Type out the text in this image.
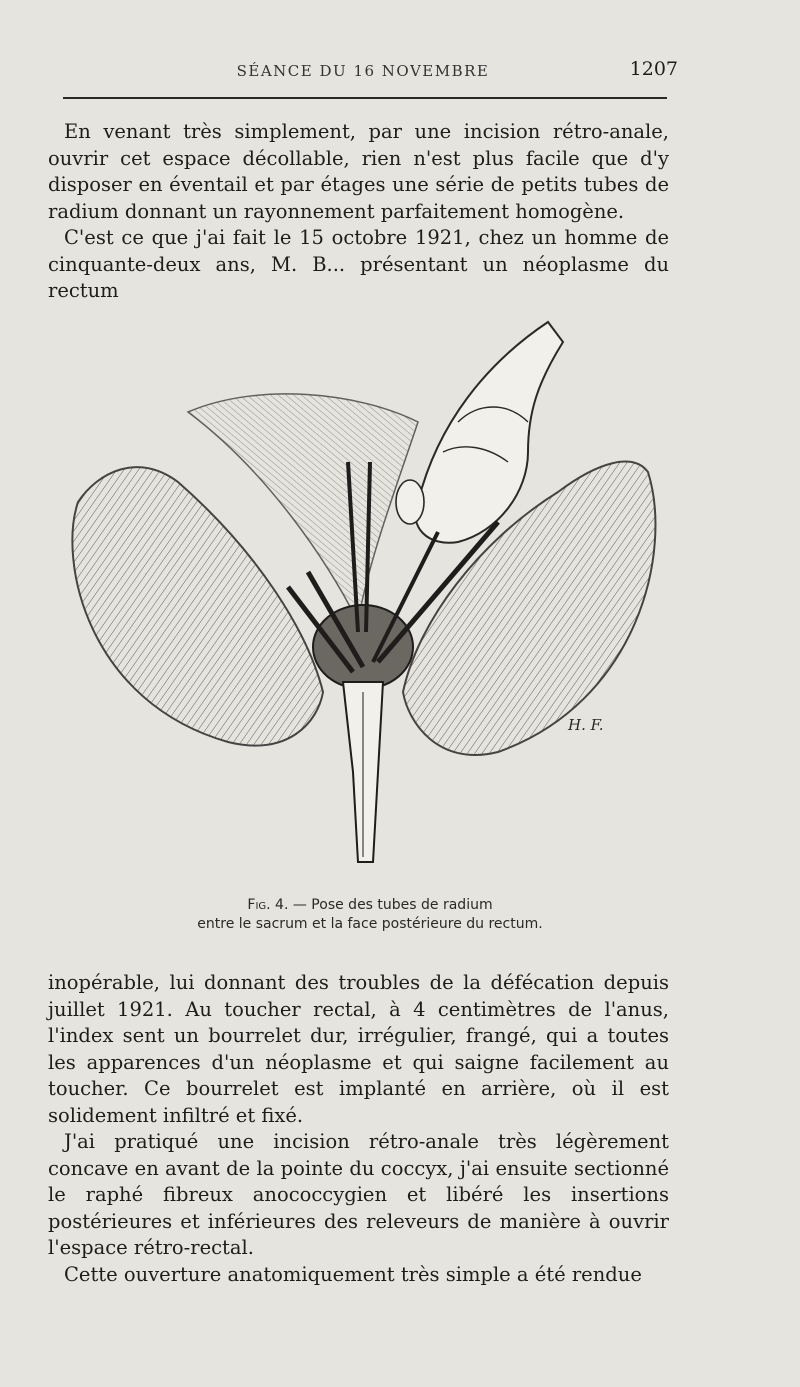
SÉANCE DU 16 NOVEMBRE	1207

En venant très simplement, par une incision rétro-anale, ouvrir cet espace décollable, rien n'est plus facile que d'y disposer en éventail et par étages une série de petits tubes de radium donnant un rayonnement parfaitement homogène.

C'est ce que j'ai fait le 15 octobre 1921, chez un homme de cinquante-deux ans, M. B... présentant un néoplasme du rectum

H. F.
Fig. 4. — Pose des tubes de radium
entre le sacrum et la face postérieure du rectum.

inopérable, lui donnant des troubles de la défécation depuis juillet 1921. Au toucher rectal, à 4 centimètres de l'anus, l'index sent un bourrelet dur, irrégulier, frangé, qui a toutes les apparences d'un néoplasme et qui saigne facilement au toucher. Ce bourrelet est implanté en arrière, où il est solidement infiltré et fixé.

J'ai pratiqué une incision rétro-anale très légèrement concave en avant de la pointe du coccyx, j'ai ensuite sectionné le raphé fibreux anococcygien et libéré les insertions postérieures et inférieures des releveurs de manière à ouvrir l'espace rétro-rectal.

Cette ouverture anatomiquement très simple a été rendue
